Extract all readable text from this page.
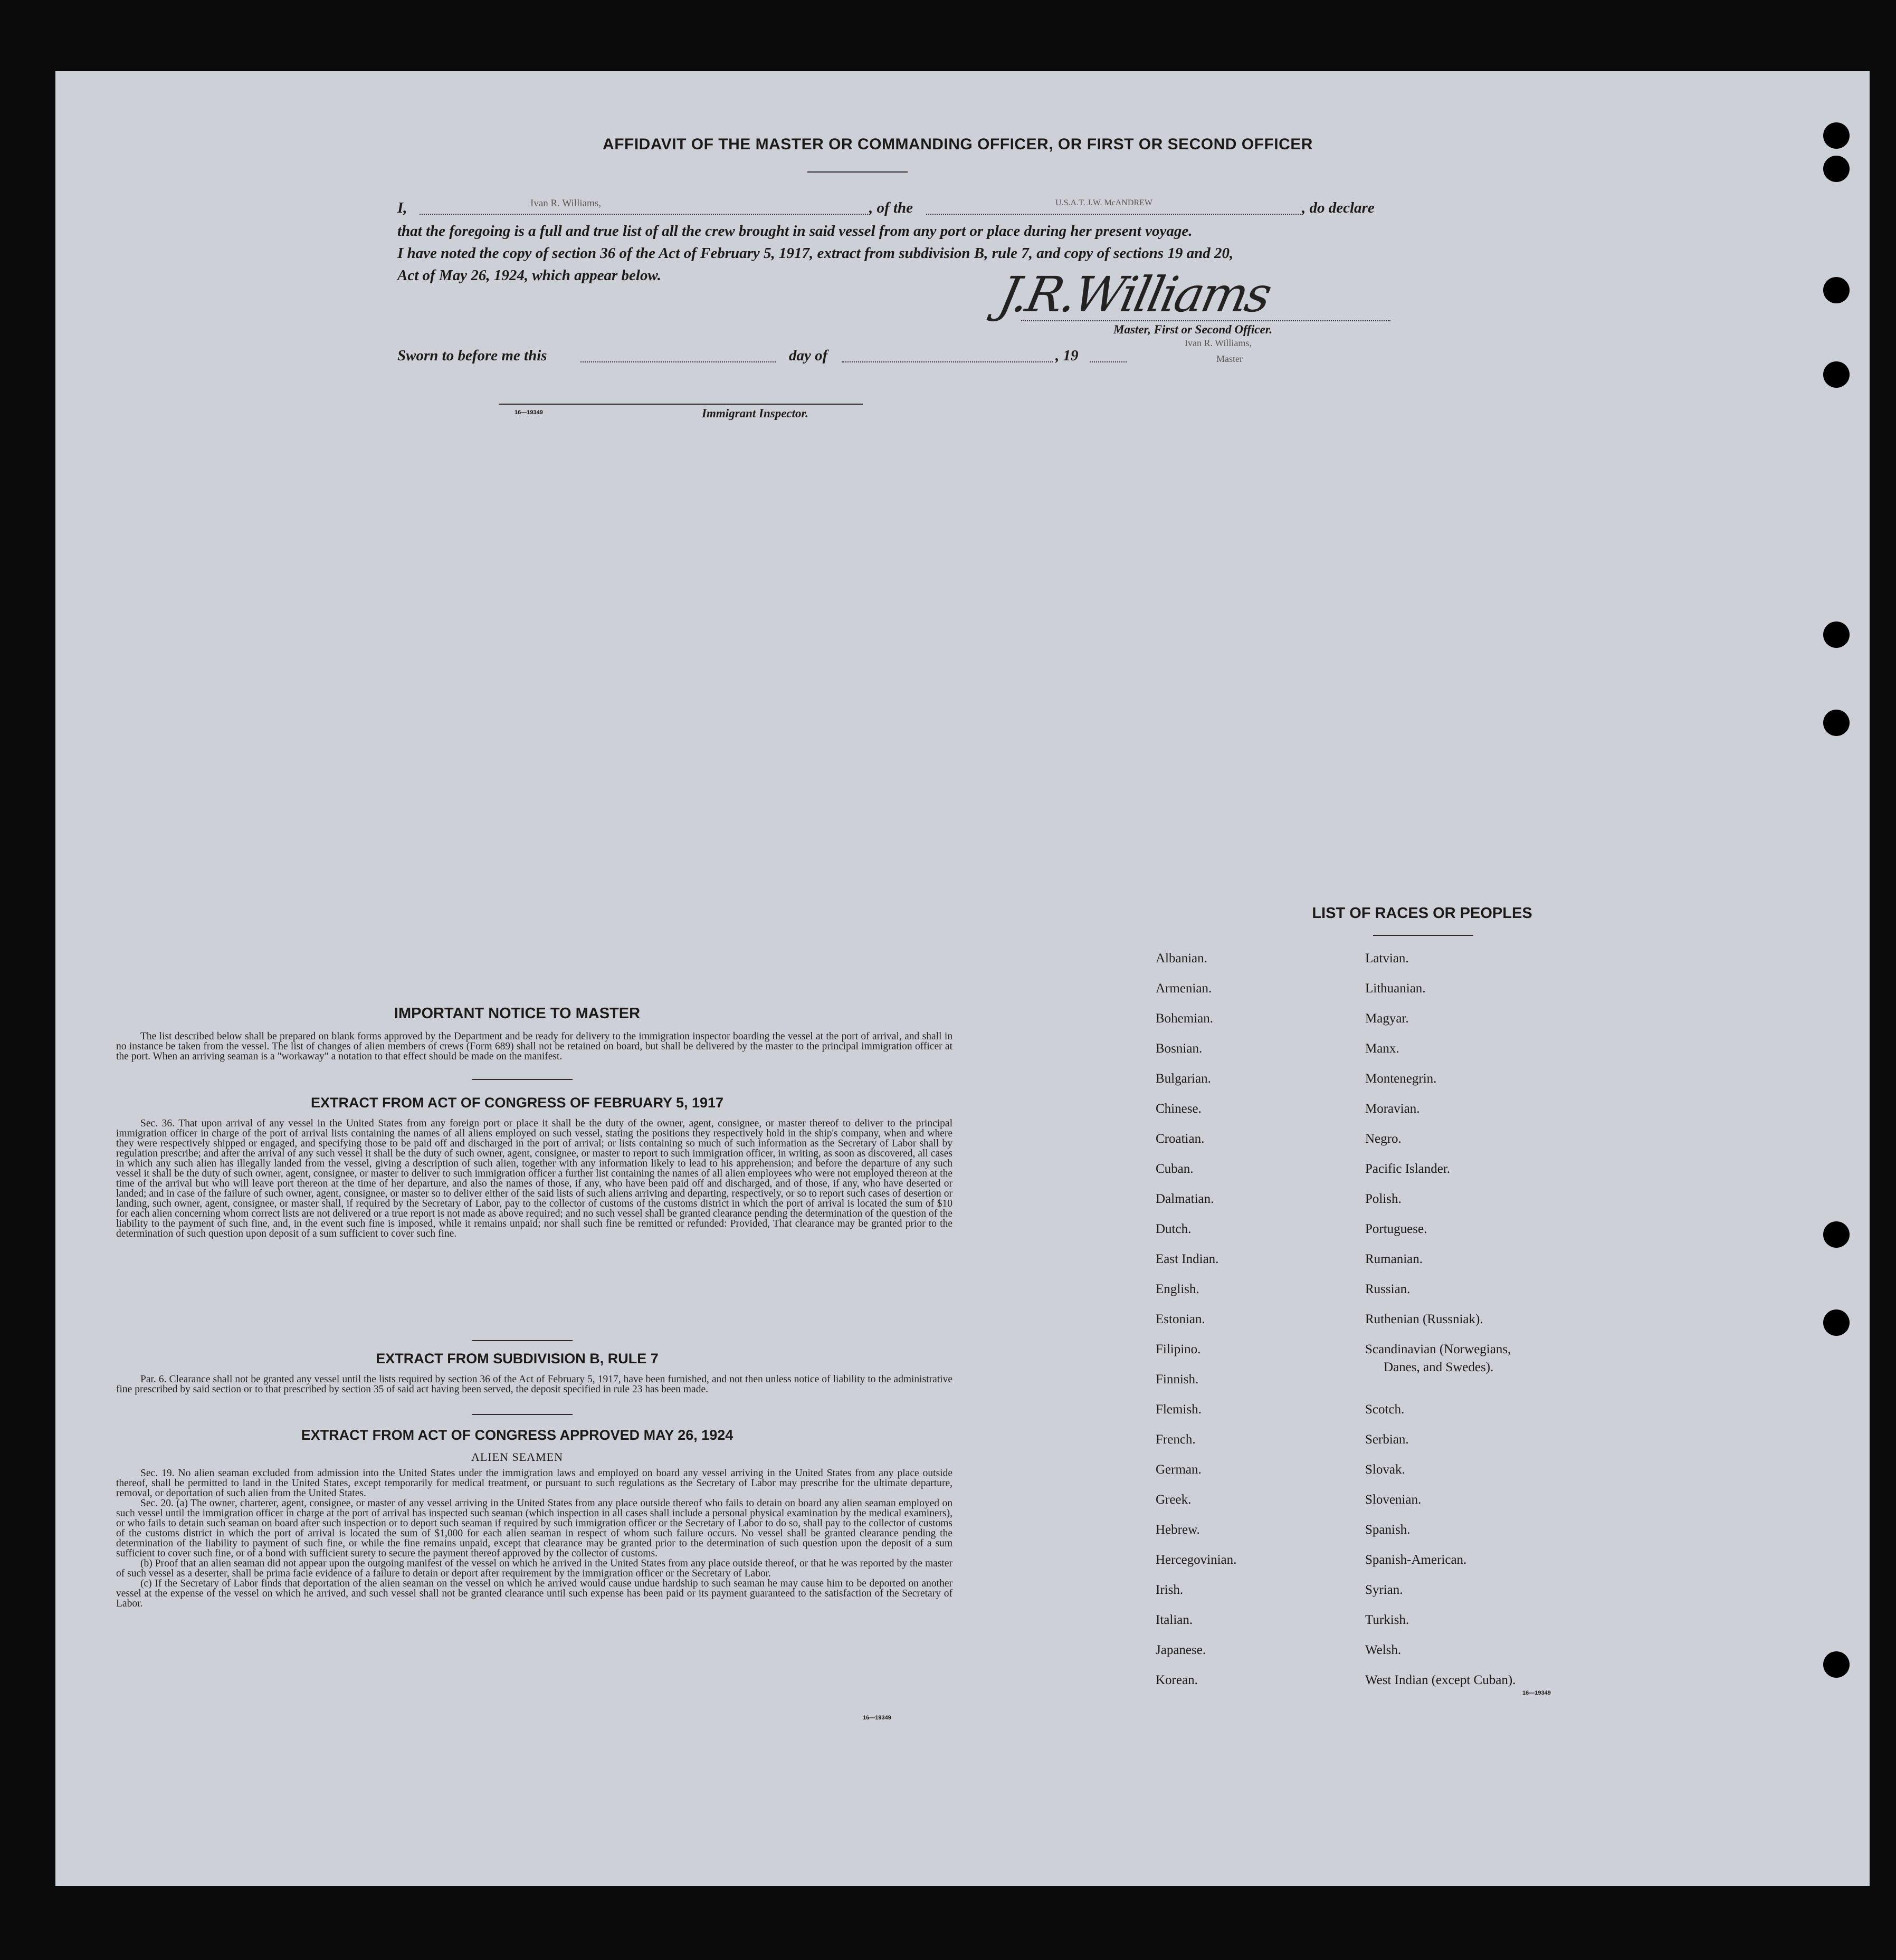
AFFIDAVIT OF THE MASTER OR COMMANDING OFFICER, OR FIRST OR SECOND OFFICER
I,	Ivan R. Williams,	, of the	U.S.A.T. J.W. McANDREW	, do declare
that the foregoing is a full and true list of all the crew brought in said vessel from any port or place during her present voyage.
I have noted the copy of section 36 of the Act of February 5, 1917, extract from subdivision B, rule 7, and copy of sections 19 and 20,
Act of May 26, 1924, which appear below.	J.R.Williams
Master, First or Second Officer.
Ivan R. Williams,
Master
Sworn to before me this	day of	, 19
16—19349	Immigrant Inspector.
IMPORTANT NOTICE TO MASTER

The list described below shall be prepared on blank forms approved by the Department and be ready for delivery to the immigration inspector boarding the vessel at the port of arrival, and shall in no instance be taken from the vessel. The list of changes of alien members of crews (Form 689) shall not be retained on board, but shall be delivered by the master to the principal immigration officer at the port. When an arriving seaman is a "workaway" a notation to that effect should be made on the manifest.

EXTRACT FROM ACT OF CONGRESS OF FEBRUARY 5, 1917

Sec. 36. That upon arrival of any vessel in the United States from any foreign port or place it shall be the duty of the owner, agent, consignee, or master thereof to deliver to the principal immigration officer in charge of the port of arrival lists containing the names of all aliens employed on such vessel, stating the positions they respectively hold in the ship's company, when and where they were respectively shipped or engaged, and specifying those to be paid off and discharged in the port of arrival; or lists containing so much of such information as the Secretary of Labor shall by regulation prescribe; and after the arrival of any such vessel it shall be the duty of such owner, agent, consignee, or master to report to such immigration officer, in writing, as soon as discovered, all cases in which any such alien has illegally landed from the vessel, giving a description of such alien, together with any information likely to lead to his apprehension; and before the departure of any such vessel it shall be the duty of such owner, agent, consignee, or master to deliver to such immigration officer a further list containing the names of all alien employees who were not employed thereon at the time of the arrival but who will leave port thereon at the time of her departure, and also the names of those, if any, who have been paid off and discharged, and of those, if any, who have deserted or landed; and in case of the failure of such owner, agent, consignee, or master so to deliver either of the said lists of such aliens arriving and departing, respectively, or so to report such cases of desertion or landing, such owner, agent, consignee, or master shall, if required by the Secretary of Labor, pay to the collector of customs of the customs district in which the port of arrival is located the sum of $10 for each alien concerning whom correct lists are not delivered or a true report is not made as above required; and no such vessel shall be granted clearance pending the determination of the question of the liability to the payment of such fine, and, in the event such fine is imposed, while it remains unpaid; nor shall such fine be remitted or refunded: Provided, That clearance may be granted prior to the determination of such question upon deposit of a sum sufficient to cover such fine.

EXTRACT FROM SUBDIVISION B, RULE 7

Par. 6. Clearance shall not be granted any vessel until the lists required by section 36 of the Act of February 5, 1917, have been furnished, and not then unless notice of liability to the administrative fine prescribed by said section or to that prescribed by section 35 of said act having been served, the deposit specified in rule 23 has been made.

EXTRACT FROM ACT OF CONGRESS APPROVED MAY 26, 1924
ALIEN SEAMEN

Sec. 19. No alien seaman excluded from admission into the United States under the immigration laws and employed on board any vessel arriving in the United States from any place outside thereof, shall be permitted to land in the United States, except temporarily for medical treatment, or pursuant to such regulations as the Secretary of Labor may prescribe for the ultimate departure, removal, or deportation of such alien from the United States.

Sec. 20. (a) The owner, charterer, agent, consignee, or master of any vessel arriving in the United States from any place outside thereof who fails to detain on board any alien seaman employed on such vessel until the immigration officer in charge at the port of arrival has inspected such seaman (which inspection in all cases shall include a personal physical examination by the medical examiners), or who fails to detain such seaman on board after such inspection or to deport such seaman if required by such immigration officer or the Secretary of Labor to do so, shall pay to the collector of customs of the customs district in which the port of arrival is located the sum of $1,000 for each alien seaman in respect of whom such failure occurs. No vessel shall be granted clearance pending the determination of the liability to payment of such fine, or while the fine remains unpaid, except that clearance may be granted prior to the determination of such question upon the deposit of a sum sufficient to cover such fine, or of a bond with sufficient surety to secure the payment thereof approved by the collector of customs.

(b) Proof that an alien seaman did not appear upon the outgoing manifest of the vessel on which he arrived in the United States from any place outside thereof, or that he was reported by the master of such vessel as a deserter, shall be prima facie evidence of a failure to detain or deport after requirement by the immigration officer or the Secretary of Labor.

(c) If the Secretary of Labor finds that deportation of the alien seaman on the vessel on which he arrived would cause undue hardship to such seaman he may cause him to be deported on another vessel at the expense of the vessel on which he arrived, and such vessel shall not be granted clearance until such expense has been paid or its payment guaranteed to the satisfaction of the Secretary of Labor.

16—19349
LIST OF RACES OR PEOPLES
Albanian.
Armenian.
Bohemian.
Bosnian.
Bulgarian.
Chinese.
Croatian.
Cuban.
Dalmatian.
Dutch.
East Indian.
English.
Estonian.
Filipino.
Finnish.
Flemish.
French.
German.
Greek.
Hebrew.
Hercegovinian.
Irish.
Italian.
Japanese.
Korean.
Latvian.
Lithuanian.
Magyar.
Manx.
Montenegrin.
Moravian.
Negro.
Pacific Islander.
Polish.
Portuguese.
Rumanian.
Russian.
Ruthenian (Russniak).
Scandinavian (Norwegians,
Danes, and Swedes).
Scotch.
Serbian.
Slovak.
Slovenian.
Spanish.
Spanish-American.
Syrian.
Turkish.
Welsh.
West Indian (except Cuban).
16—19349
